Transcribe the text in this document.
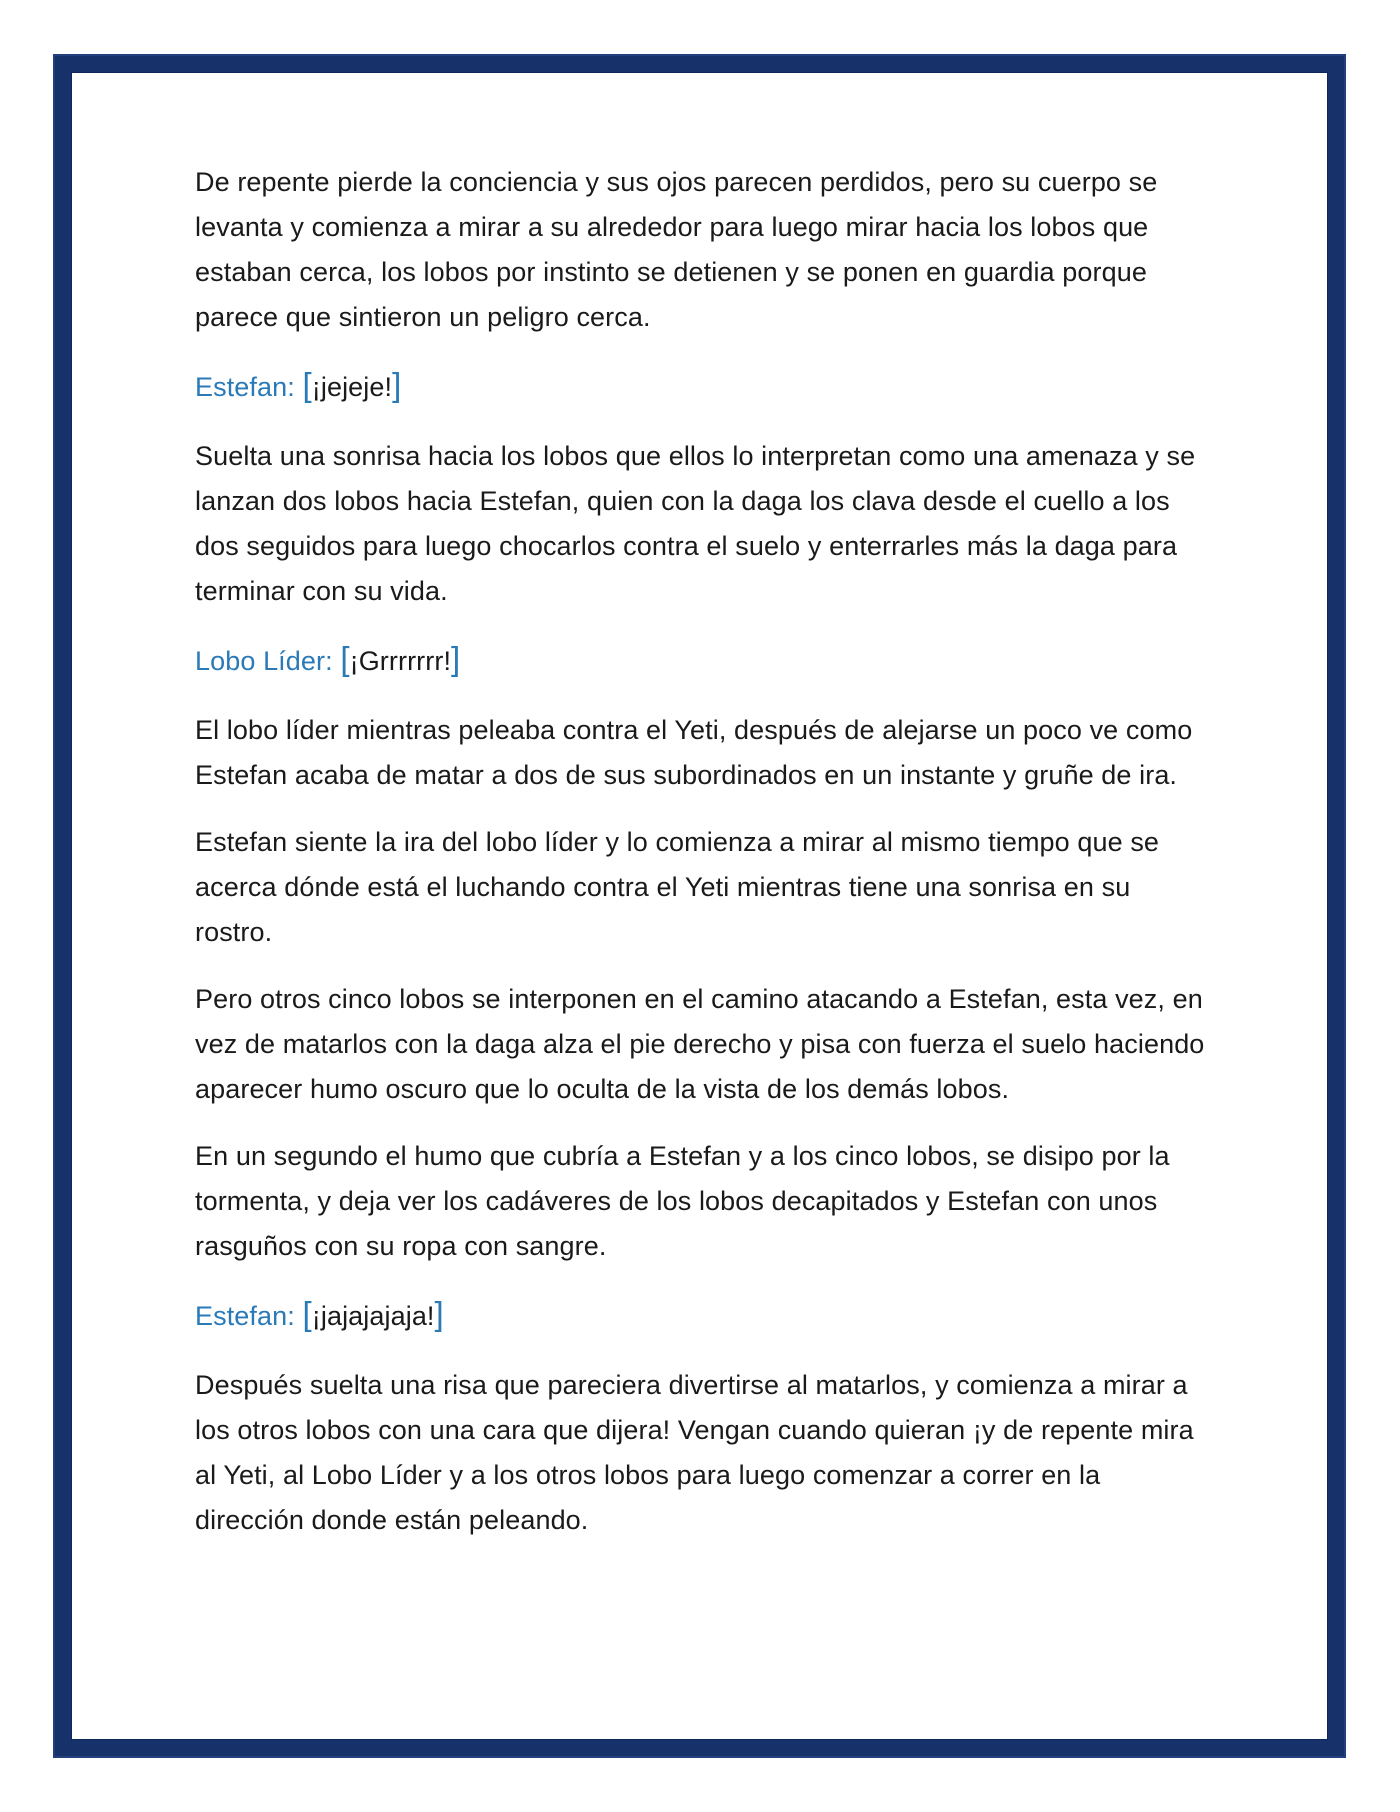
De repente pierde la conciencia y sus ojos parecen perdidos, pero su cuerpo se levanta y comienza a mirar a su alrededor para luego mirar hacia los lobos que estaban cerca, los lobos por instinto se detienen y se ponen en guardia porque parece que sintieron un peligro cerca.

Estefan: [¡jejeje!]

Suelta una sonrisa hacia los lobos que ellos lo interpretan como una amenaza y se lanzan dos lobos hacia Estefan, quien con la daga los clava desde el cuello a los dos seguidos para luego chocarlos contra el suelo y enterrarles más la daga para terminar con su vida.

Lobo Líder: [¡Grrrrrrr!]

El lobo líder mientras peleaba contra el Yeti, después de alejarse un poco ve como Estefan acaba de matar a dos de sus subordinados en un instante y gruñe de ira.

Estefan siente la ira del lobo líder y lo comienza a mirar al mismo tiempo que se acerca dónde está el luchando contra el Yeti mientras tiene una sonrisa en su rostro.

Pero otros cinco lobos se interponen en el camino atacando a Estefan, esta vez, en vez de matarlos con la daga alza el pie derecho y pisa con fuerza el suelo haciendo aparecer humo oscuro que lo oculta de la vista de los demás lobos.

En un segundo el humo que cubría a Estefan y a los cinco lobos, se disipo por la tormenta, y deja ver los cadáveres de los lobos decapitados y Estefan con unos rasguños con su ropa con sangre.

Estefan: [¡jajajajaja!]

Después suelta una risa que pareciera divertirse al matarlos, y comienza a mirar a los otros lobos con una cara que dijera! Vengan cuando quieran ¡y de repente mira al Yeti, al Lobo Líder y a los otros lobos para luego comenzar a correr en la dirección donde están peleando.
